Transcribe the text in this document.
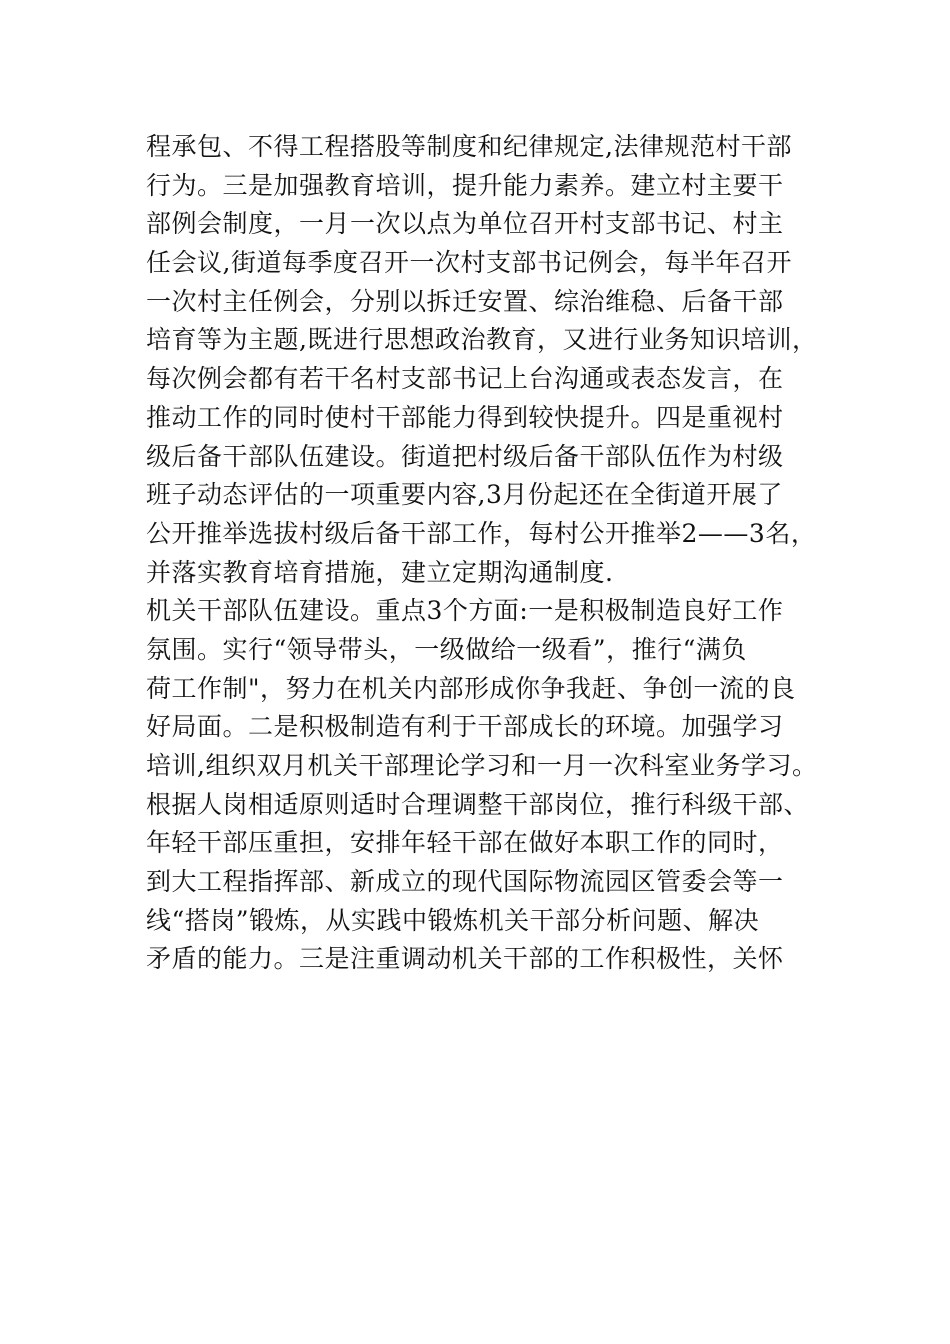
程承包、不得工程搭股等制度和纪律规定,法律规范村干部
行为。三是加强教育培训，提升能力素养。建立村主要干
部例会制度，一月一次以点为单位召开村支部书记、村主
任会议,街道每季度召开一次村支部书记例会，每半年召开
一次村主任例会，分别以拆迁安置、综治维稳、后备干部
培育等为主题,既进行思想政治教育，又进行业务知识培训，
每次例会都有若干名村支部书记上台沟通或表态发言，在
推动工作的同时使村干部能力得到较快提升。四是重视村
级后备干部队伍建设。街道把村级后备干部队伍作为村级
班子动态评估的一项重要内容,3月份起还在全街道开展了
公开推举选拔村级后备干部工作，每村公开推举2——3名，
并落实教育培育措施，建立定期沟通制度.
机关干部队伍建设。重点3个方面:一是积极制造良好工作
氛围。实行“领导带头，一级做给一级看”，推行“满负
荷工作制"，努力在机关内部形成你争我赶、争创一流的良
好局面。二是积极制造有利于干部成长的环境。加强学习
培训,组织双月机关干部理论学习和一月一次科室业务学习。
根据人岗相适原则适时合理调整干部岗位，推行科级干部、
年轻干部压重担，安排年轻干部在做好本职工作的同时，
到大工程指挥部、新成立的现代国际物流园区管委会等一
线“搭岗”锻炼，从实践中锻炼机关干部分析问题、解决
矛盾的能力。三是注重调动机关干部的工作积极性，关怀
